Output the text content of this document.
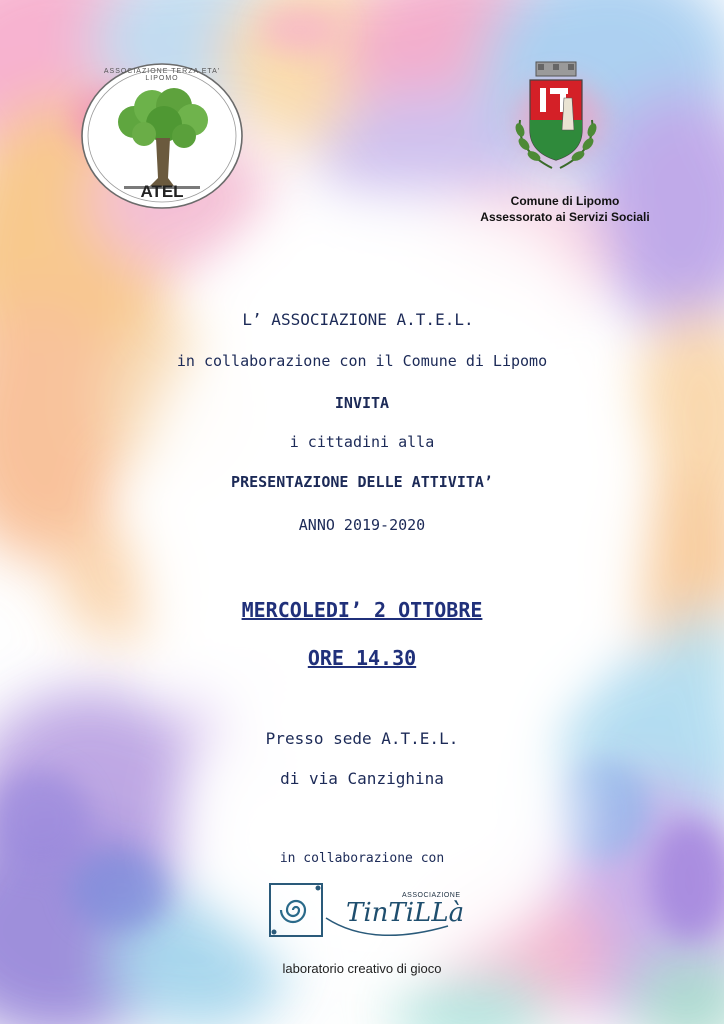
ASSOCIAZIONE TERZA ETA' LIPOMO
ATEL	Comune di Lipomo
Assessorato ai Servizi Sociali
L’ ASSOCIAZIONE A.T.E.L.
in collaborazione con il Comune di Lipomo
INVITA
i cittadini alla
PRESENTAZIONE DELLE ATTIVITA’
ANNO 2019-2020
MERCOLEDI’ 2 OTTOBRE
ORE 14.30
Presso sede A.T.E.L.
di via Canzighina
in collaborazione con
ASSOCIAZIONE
TinTiLLà
laboratorio creativo di gioco
